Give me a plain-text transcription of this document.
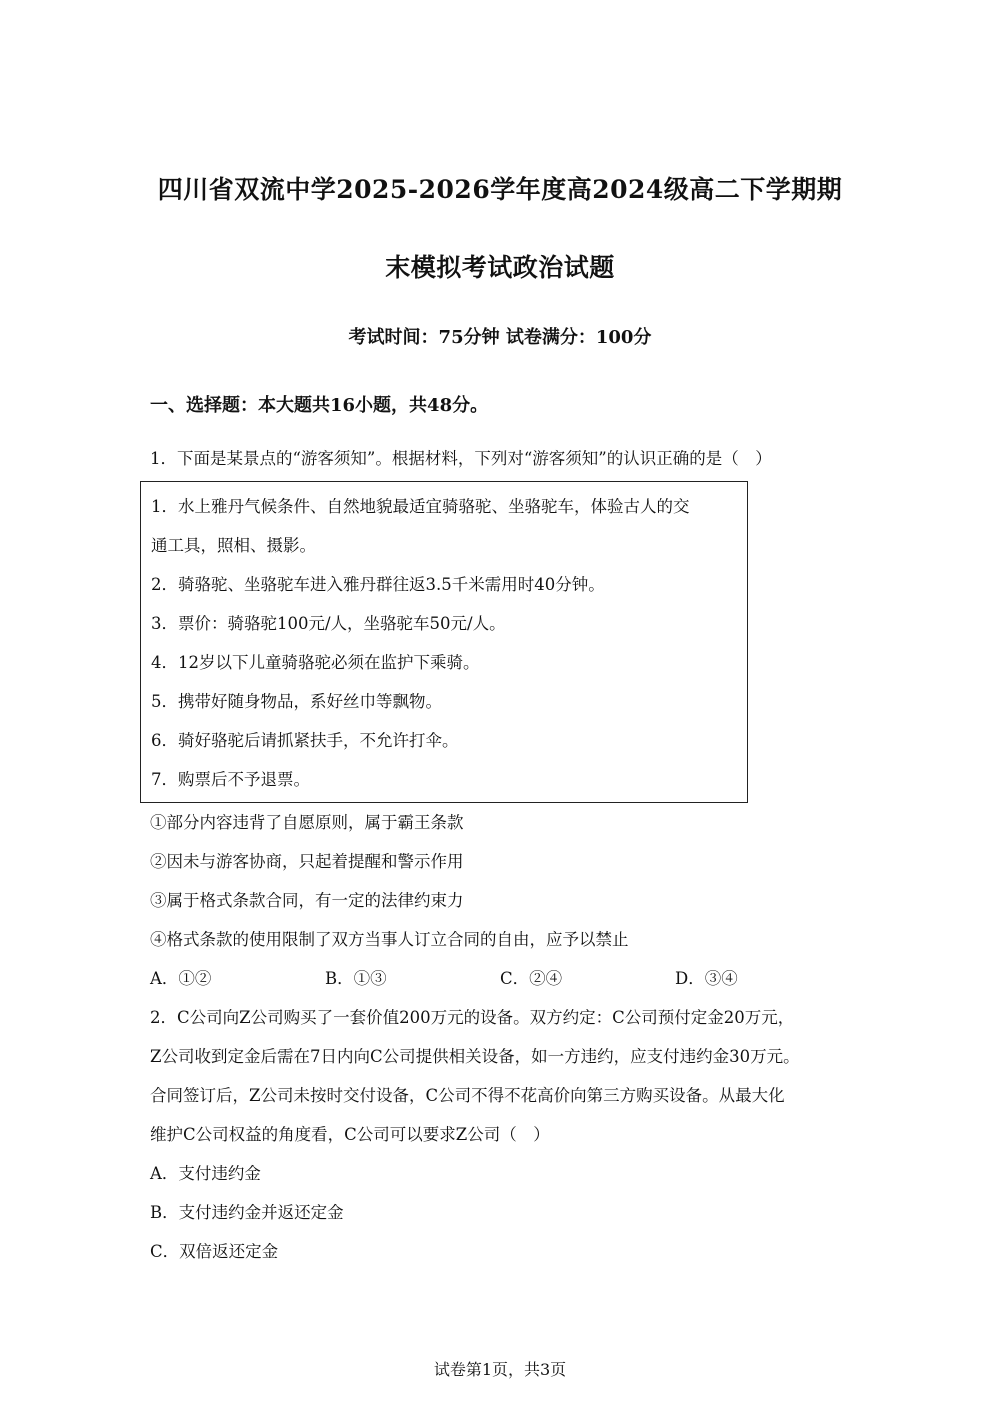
四川省双流中学2025-2026学年度高2024级高二下学期期
末模拟考试政治试题
考试时间：75分钟 试卷满分：100分
一、选择题：本大题共16小题，共48分。
1．下面是某景点的“游客须知”。根据材料，下列对“游客须知”的认识正确的是（　）
1．水上雅丹气候条件、自然地貌最适宜骑骆驼、坐骆驼车，体验古人的交
通工具，照相、摄影。
2．骑骆驼、坐骆驼车进入雅丹群往返3.5千米需用时40分钟。
3．票价：骑骆驼100元/人，坐骆驼车50元/人。
4．12岁以下儿童骑骆驼必须在监护下乘骑。
5．携带好随身物品，系好丝巾等飘物。
6．骑好骆驼后请抓紧扶手，不允许打伞。
7．购票后不予退票。
①部分内容违背了自愿原则，属于霸王条款
②因未与游客协商，只起着提醒和警示作用
③属于格式条款合同，有一定的法律约束力
④格式条款的使用限制了双方当事人订立合同的自由，应予以禁止
A．①②	B．①③	C．②④	D．③④
2．C公司向Z公司购买了一套价值200万元的设备。双方约定：C公司预付定金20万元，
Z公司收到定金后需在7日内向C公司提供相关设备，如一方违约，应支付违约金30万元。
合同签订后，Z公司未按时交付设备，C公司不得不花高价向第三方购买设备。从最大化
维护C公司权益的角度看，C公司可以要求Z公司（　）
A．支付违约金
B．支付违约金并返还定金
C．双倍返还定金
试卷第1页，共3页
